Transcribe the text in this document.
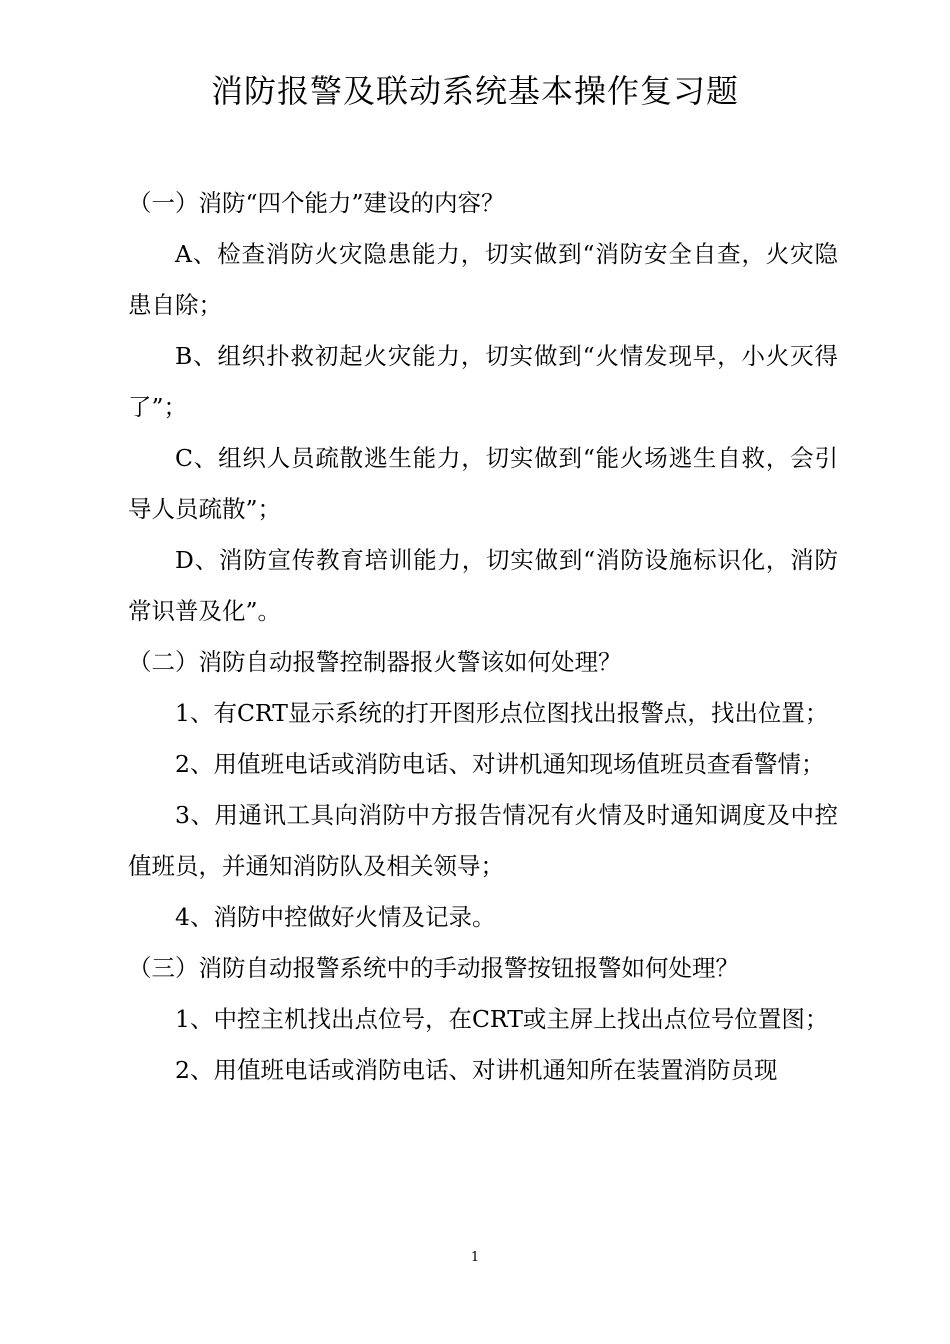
消防报警及联动系统基本操作复习题

（一）消防“四个能力”建设的内容？

A、检查消防火灾隐患能力，切实做到“消防安全自查，火灾隐患自除；

B、组织扑救初起火灾能力，切实做到“火情发现早，小火灭得了”；

C、组织人员疏散逃生能力，切实做到“能火场逃生自救，会引导人员疏散”；

D、消防宣传教育培训能力，切实做到“消防设施标识化，消防常识普及化”。

（二）消防自动报警控制器报火警该如何处理？

1、有CRT显示系统的打开图形点位图找出报警点，找出位置；

2、用值班电话或消防电话、对讲机通知现场值班员查看警情；

3、用通讯工具向消防中方报告情况有火情及时通知调度及中控值班员，并通知消防队及相关领导；

4、消防中控做好火情及记录。

（三）消防自动报警系统中的手动报警按钮报警如何处理？

1、中控主机找出点位号，在CRT或主屏上找出点位号位置图；

2、用值班电话或消防电话、对讲机通知所在装置消防员现

1
